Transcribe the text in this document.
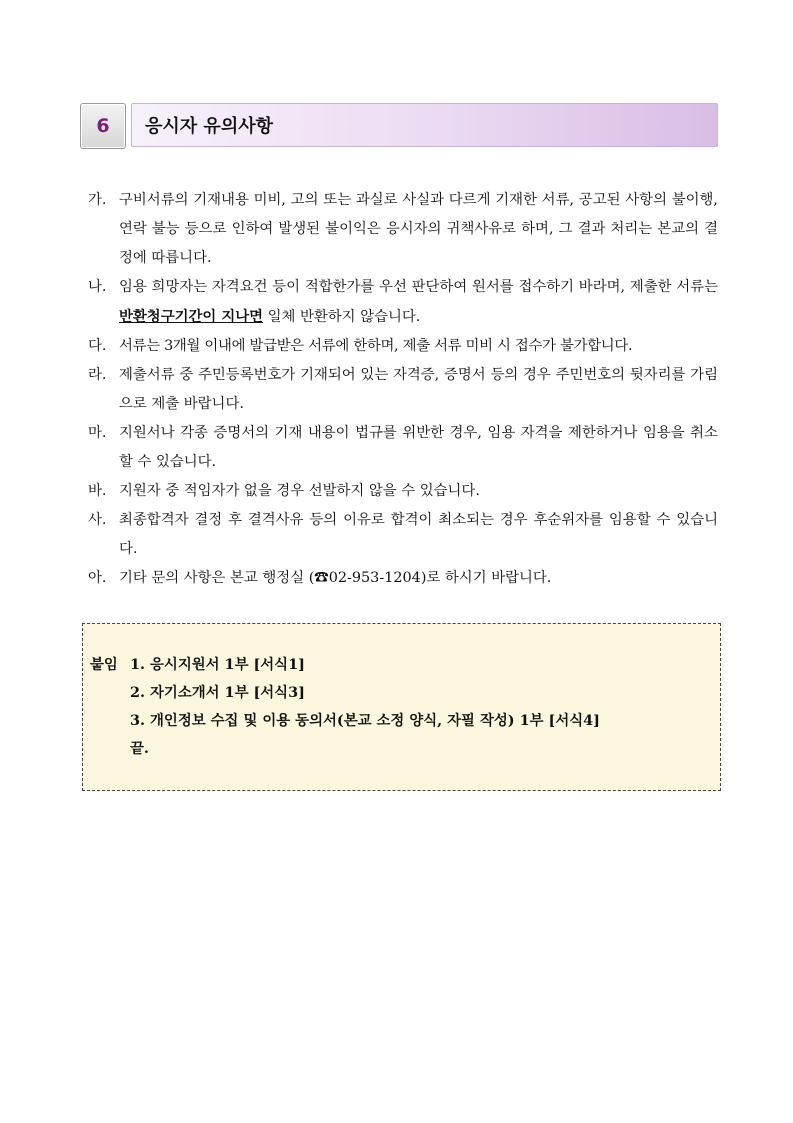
6	응시자 유의사항
가. 구비서류의 기재내용 미비, 고의 또는 과실로 사실과 다르게 기재한 서류, 공고된 사항의 불이행, 연락 불능 등으로 인하여 발생된 불이익은 응시자의 귀책사유로 하며, 그 결과 처리는 본교의 결정에 따릅니다.
나. 임용 희망자는 자격요건 등이 적합한가를 우선 판단하여 원서를 접수하기 바라며, 제출한 서류는 반환청구기간이 지나면 일체 반환하지 않습니다.
다. 서류는 3개월 이내에 발급받은 서류에 한하며, 제출 서류 미비 시 접수가 불가합니다.
라. 제출서류 중 주민등록번호가 기재되어 있는 자격증, 증명서 등의 경우 주민번호의 뒷자리를 가림으로 제출 바랍니다.
마. 지원서나 각종 증명서의 기재 내용이 법규를 위반한 경우, 임용 자격을 제한하거나 임용을 취소할 수 있습니다.
바. 지원자 중 적임자가 없을 경우 선발하지 않을 수 있습니다.
사. 최종합격자 결정 후 결격사유 등의 이유로 합격이 최소되는 경우 후순위자를 임용할 수 있습니다.
아. 기타 문의 사항은 본교 행정실 (☎02-953-1204)로 하시기 바랍니다.
붙임 1. 응시지원서 1부 [서식1]
2. 자기소개서 1부 [서식3]
3. 개인정보 수집 및 이용 동의서(본교 소정 양식, 자필 작성) 1부 [서식4]
끝.
